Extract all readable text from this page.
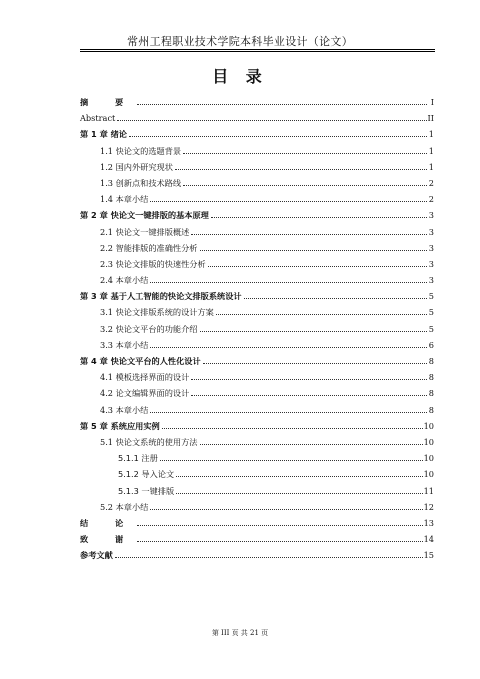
常州工程职业技术学院本科毕业设计（论文）
目 录
摘 要	I
Abstract	II
第 1 章 绪论	1
1.1 快论文的选题背景	1
1.2 国内外研究现状	1
1.3 创新点和技术路线	2
1.4 本章小结	2
第 2 章 快论文一键排版的基本原理	3
2.1 快论文一键排版概述	3
2.2 智能排版的准确性分析	3
2.3 快论文排版的快速性分析	3
2.4 本章小结	3
第 3 章 基于人工智能的快论文排版系统设计	5
3.1 快论文排版系统的设计方案	5
3.2 快论文平台的功能介绍	5
3.3 本章小结	6
第 4 章 快论文平台的人性化设计	8
4.1 模板选择界面的设计	8
4.2 论文编辑界面的设计	8
4.3 本章小结	8
第 5 章 系统应用实例	10
5.1 快论文系统的使用方法	10
5.1.1 注册	10
5.1.2 导入论文	10
5.1.3 一键排版	11
5.2 本章小结	12
结 论	13
致 谢	14
参考文献	15
第 III 页 共 21 页
